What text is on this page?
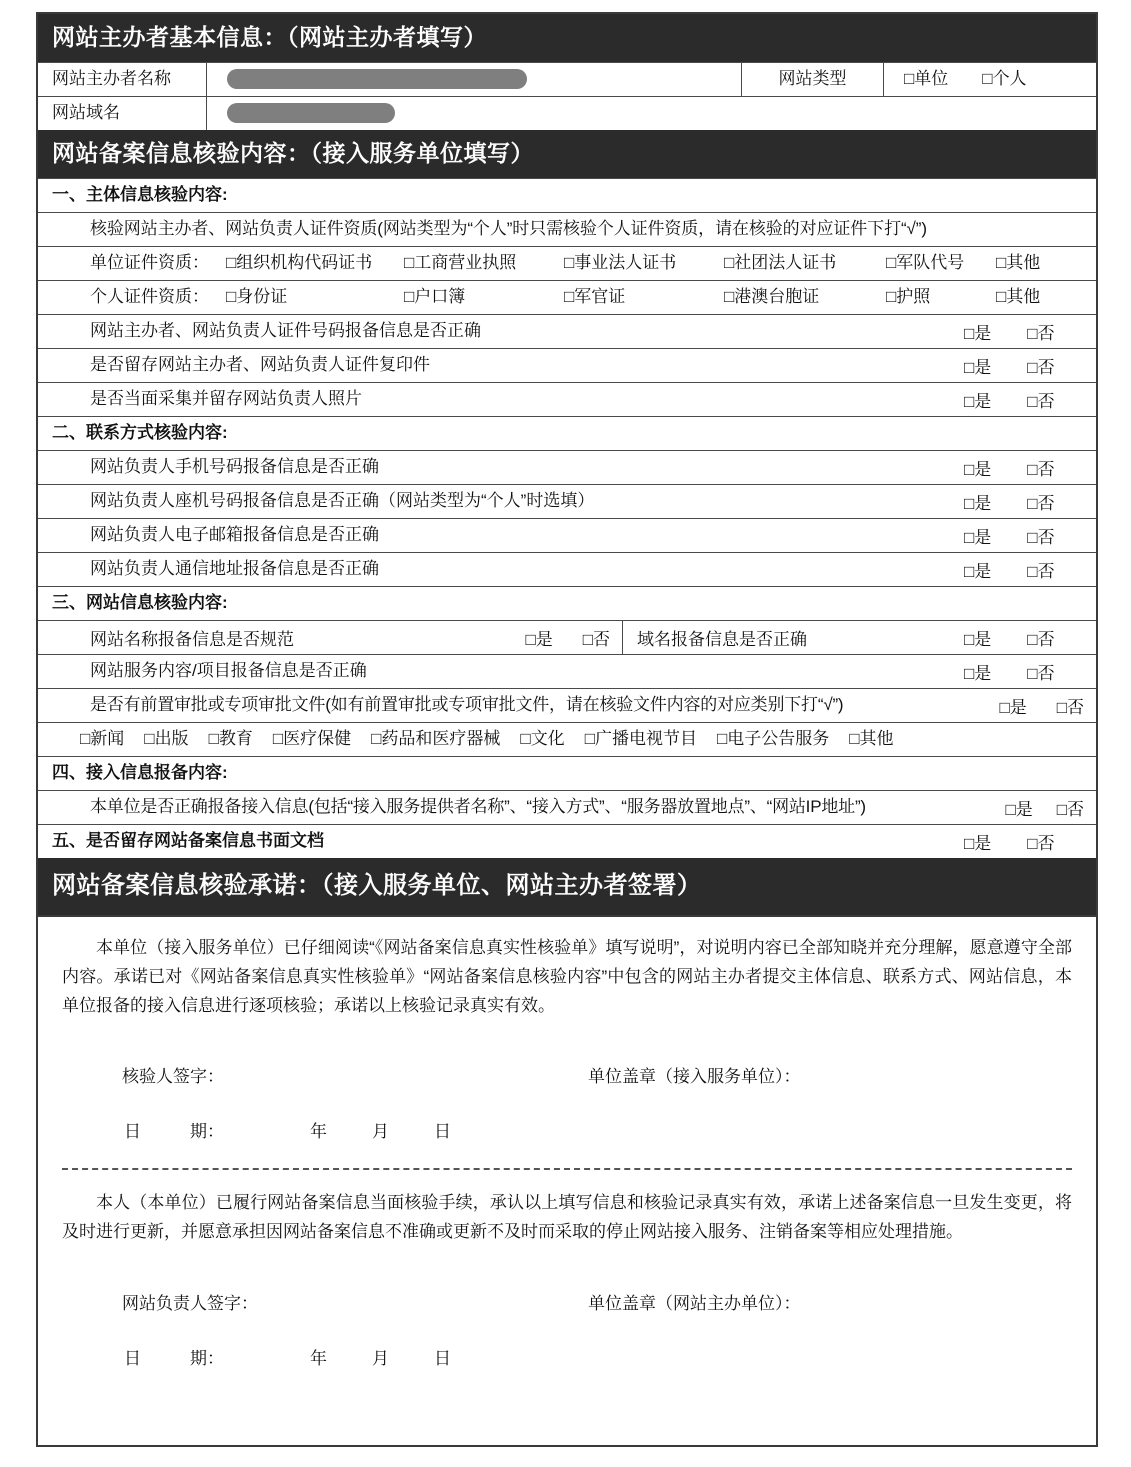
网站主办者基本信息：（网站主办者填写）
网站主办者名称	网站类型	□单位 □个人
网站域名
网站备案信息核验内容：（接入服务单位填写）
一、主体信息核验内容:
核验网站主办者、网站负责人证件资质(网站类型为“个人”时只需核验个人证件资质，请在核验的对应证件下打“√”)
单位证件资质：	□组织机构代码证书	□工商营业执照	□事业法人证书	□社团法人证书	□军队代号	□其他
个人证件资质：	□身份证	□户口簿	□军官证	□港澳台胞证	□护照	□其他
网站主办者、网站负责人证件号码报备信息是否正确	□是 □否
是否留存网站主办者、网站负责人证件复印件	□是 □否
是否当面采集并留存网站负责人照片	□是 □否
二、联系方式核验内容:
网站负责人手机号码报备信息是否正确	□是 □否
网站负责人座机号码报备信息是否正确（网站类型为“个人”时选填）	□是 □否
网站负责人电子邮箱报备信息是否正确	□是 □否
网站负责人通信地址报备信息是否正确	□是 □否
三、网站信息核验内容:
网站名称报备信息是否规范	□是 □否 域名报备信息是否正确	□是 □否
网站服务内容/项目报备信息是否正确	□是 □否
是否有前置审批或专项审批文件(如有前置审批或专项审批文件，请在核验文件内容的对应类别下打“√”)	□是 □否
□新闻 □出版 □教育 □医疗保健 □药品和医疗器械 □文化 □广播电视节目 □电子公告服务 □其他
四、接入信息报备内容:
本单位是否正确报备接入信息(包括“接入服务提供者名称”、“接入方式”、“服务器放置地点”、“网站IP地址”)	□是 □否
五、是否留存网站备案信息书面文档	□是 □否
网站备案信息核验承诺：（接入服务单位、网站主办者签署）

本单位（接入服务单位）已仔细阅读“《网站备案信息真实性核验单》填写说明”，对说明内容已全部知晓并充分理解，愿意遵守全部内容。承诺已对《网站备案信息真实性核验单》“网站备案信息核验内容”中包含的网站主办者提交主体信息、联系方式、网站信息，本单位报备的接入信息进行逐项核验；承诺以上核验记录真实有效。

核验人签字：	单位盖章（接入服务单位）：
日	期：	年	月	日

本人（本单位）已履行网站备案信息当面核验手续，承认以上填写信息和核验记录真实有效，承诺上述备案信息一旦发生变更，将及时进行更新，并愿意承担因网站备案信息不准确或更新不及时而采取的停止网站接入服务、注销备案等相应处理措施。

网站负责人签字：	单位盖章（网站主办单位）：
日	期：	年	月	日
